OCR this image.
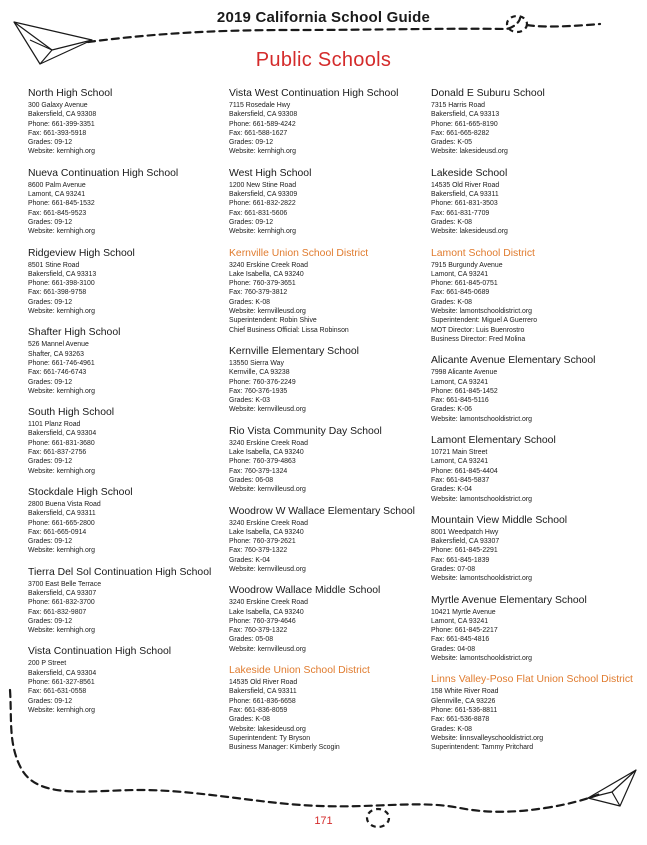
2019 California School Guide
Public Schools
North High School
300 Galaxy Avenue
Bakersfield, CA 93308
Phone: 661-399-3351
Fax: 661-393-5918
Grades: 09-12
Website: kernhigh.org
Nueva Continuation High School
8600 Palm Avenue
Lamont, CA 93241
Phone: 661-845-1532
Fax: 661-845-9523
Grades: 09-12
Website: kernhigh.org
Ridgeview High School
8501 Stine Road
Bakersfield, CA 93313
Phone: 661-398-3100
Fax: 661-398-9758
Grades: 09-12
Website: kernhigh.org
Shafter High School
526 Mannel Avenue
Shafter, CA 93263
Phone: 661-746-4961
Fax: 661-746-6743
Grades: 09-12
Website: kernhigh.org
South High School
1101 Planz Road
Bakersfield, CA 93304
Phone: 661-831-3680
Fax: 661-837-2756
Grades: 09-12
Website: kernhigh.org
Stockdale High School
2800 Buena Vista Road
Bakersfield, CA 93311
Phone: 661-665-2800
Fax: 661-665-0914
Grades: 09-12
Website: kernhigh.org
Tierra Del Sol Continuation High School
3700 East Belle Terrace
Bakersfield, CA 93307
Phone: 661-832-3700
Fax: 661-832-9807
Grades: 09-12
Website: kernhigh.org
Vista Continuation High School
200 P Street
Bakersfield, CA 93304
Phone: 661-327-8561
Fax: 661-631-0558
Grades: 09-12
Website: kernhigh.org
Vista West Continuation High School
7115 Rosedale Hwy
Bakersfield, CA 93308
Phone: 661-589-4242
Fax: 661-588-1627
Grades: 09-12
Website: kernhigh.org
West High School
1200 New Stine Road
Bakersfield, CA 93309
Phone: 661-832-2822
Fax: 661-831-5606
Grades: 09-12
Website: kernhigh.org
Kernville Union School District
3240 Erskine Creek Road
Lake Isabella, CA 93240
Phone: 760-379-3651
Fax: 760-379-3812
Grades: K-08
Website: kernvilleusd.org
Superintendent: Robin Shive
Chief Business Official: Lissa Robinson
Kernville Elementary School
13550 Sierra Way
Kernville, CA 93238
Phone: 760-376-2249
Fax: 760-376-1935
Grades: K-03
Website: kernvilleusd.org
Rio Vista Community Day School
3240 Erskine Creek Road
Lake Isabella, CA 93240
Phone: 760-379-4863
Fax: 760-379-1324
Grades: 06-08
Website: kernvilleusd.org
Woodrow W Wallace Elementary School
3240 Erskine Creek Road
Lake Isabella, CA 93240
Phone: 760-379-2621
Fax: 760-379-1322
Grades: K-04
Website: kernvilleusd.org
Woodrow Wallace Middle School
3240 Erskine Creek Road
Lake Isabella, CA 93240
Phone: 760-379-4646
Fax: 760-379-1322
Grades: 05-08
Website: kernvilleusd.org
Lakeside Union School District
14535 Old River Road
Bakersfield, CA 93311
Phone: 661-836-6658
Fax: 661-836-8059
Grades: K-08
Website: lakesideusd.org
Superintendent: Ty Bryson
Business Manager: Kimberly Scogin
Donald E Suburu School
7315 Harris Road
Bakersfield, CA 93313
Phone: 661-665-8190
Fax: 661-665-8282
Grades: K-05
Website: lakesideusd.org
Lakeside School
14535 Old River Road
Bakersfield, CA 93311
Phone: 661-831-3503
Fax: 661-831-7709
Grades: K-08
Website: lakesideusd.org
Lamont School District
7915 Burgundy Avenue
Lamont, CA 93241
Phone: 661-845-0751
Fax: 661-845-0689
Grades: K-08
Website: lamontschooldistrict.org
Superintendent: Miguel A Guerrero
MOT Director: Luis Buenrostro
Business Director: Fred Molina
Alicante Avenue Elementary School
7998 Alicante Avenue
Lamont, CA 93241
Phone: 661-845-1452
Fax: 661-845-5116
Grades: K-06
Website: lamontschooldistrict.org
Lamont Elementary School
10721 Main Street
Lamont, CA 93241
Phone: 661-845-4404
Fax: 661-845-5837
Grades: K-04
Website: lamontschooldistrict.org
Mountain View Middle School
8001 Weedpatch Hwy
Bakersfield, CA 93307
Phone: 661-845-2291
Fax: 661-845-1839
Grades: 07-08
Website: lamontschooldistrict.org
Myrtle Avenue Elementary School
10421 Myrtle Avenue
Lamont, CA 93241
Phone: 661-845-2217
Fax: 661-845-4816
Grades: 04-08
Website: lamontschooldistrict.org
Linns Valley-Poso Flat Union School District
158 White River Road
Glennville, CA 93226
Phone: 661-536-8811
Fax: 661-536-8878
Grades: K-08
Website: linnsvalleyschooldistrict.org
Superintendent: Tammy Pritchard
171
